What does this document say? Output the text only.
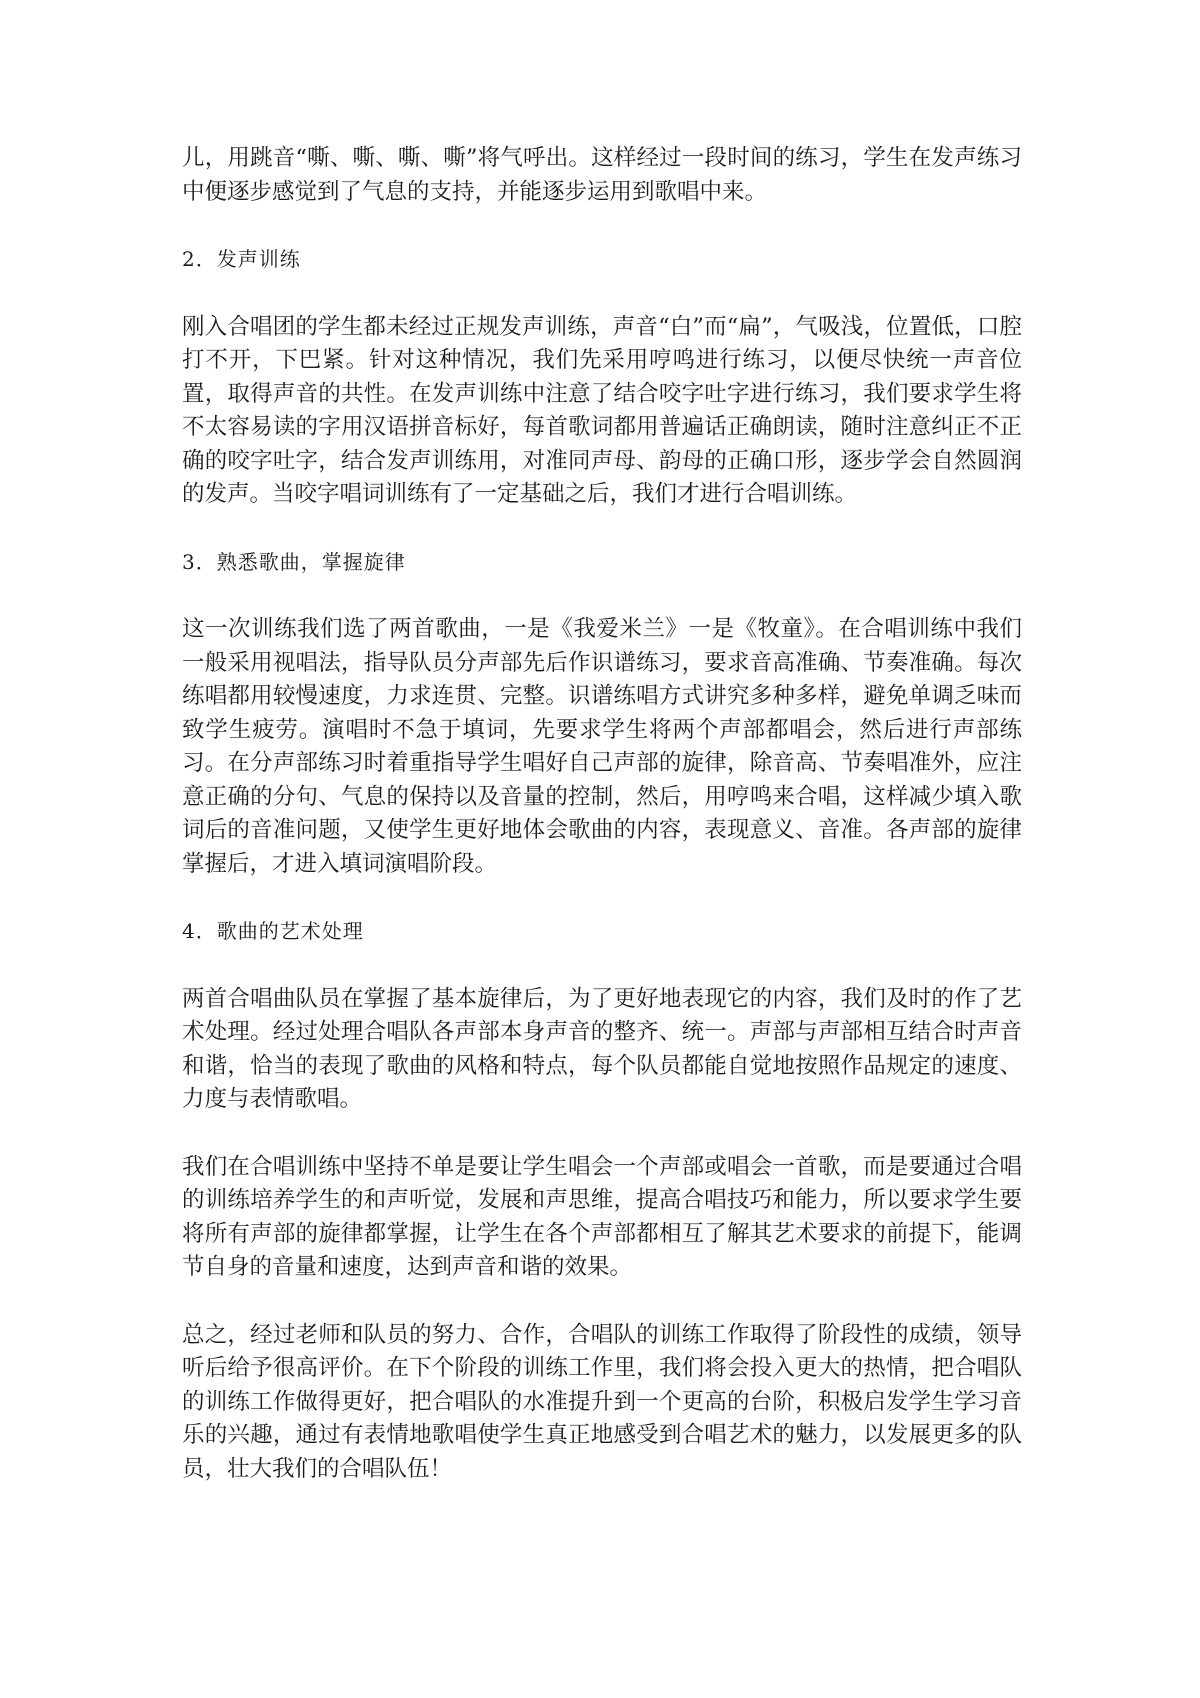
儿，用跳音“嘶、嘶、嘶、嘶”将气呼出。这样经过一段时间的练习，学生在发声练习中便逐步感觉到了气息的支持，并能逐步运用到歌唱中来。

2．发声训练

刚入合唱团的学生都未经过正规发声训练，声音“白”而“扁”，气吸浅，位置低，口腔打不开，下巴紧。针对这种情况，我们先采用哼鸣进行练习，以便尽快统一声音位置，取得声音的共性。在发声训练中注意了结合咬字吐字进行练习，我们要求学生将不太容易读的字用汉语拼音标好，每首歌词都用普遍话正确朗读，随时注意纠正不正确的咬字吐字，结合发声训练用，对准同声母、韵母的正确口形，逐步学会自然圆润的发声。当咬字唱词训练有了一定基础之后，我们才进行合唱训练。

3．熟悉歌曲，掌握旋律

这一次训练我们选了两首歌曲，一是《我爱米兰》一是《牧童》。在合唱训练中我们一般采用视唱法，指导队员分声部先后作识谱练习，要求音高准确、节奏准确。每次练唱都用较慢速度，力求连贯、完整。识谱练唱方式讲究多种多样，避免单调乏味而致学生疲劳。演唱时不急于填词，先要求学生将两个声部都唱会，然后进行声部练习。在分声部练习时着重指导学生唱好自己声部的旋律，除音高、节奏唱准外，应注意正确的分句、气息的保持以及音量的控制，然后，用哼鸣来合唱，这样减少填入歌词后的音准问题，又使学生更好地体会歌曲的内容，表现意义、音准。各声部的旋律掌握后，才进入填词演唱阶段。

4．歌曲的艺术处理

两首合唱曲队员在掌握了基本旋律后，为了更好地表现它的内容，我们及时的作了艺术处理。经过处理合唱队各声部本身声音的整齐、统一。声部与声部相互结合时声音和谐，恰当的表现了歌曲的风格和特点，每个队员都能自觉地按照作品规定的速度、力度与表情歌唱。

我们在合唱训练中坚持不单是要让学生唱会一个声部或唱会一首歌，而是要通过合唱的训练培养学生的和声听觉，发展和声思维，提高合唱技巧和能力，所以要求学生要将所有声部的旋律都掌握，让学生在各个声部都相互了解其艺术要求的前提下，能调节自身的音量和速度，达到声音和谐的效果。

总之，经过老师和队员的努力、合作，合唱队的训练工作取得了阶段性的成绩，领导听后给予很高评价。在下个阶段的训练工作里，我们将会投入更大的热情，把合唱队的训练工作做得更好，把合唱队的水准提升到一个更高的台阶，积极启发学生学习音乐的兴趣，通过有表情地歌唱使学生真正地感受到合唱艺术的魅力，以发展更多的队员，壮大我们的合唱队伍！
